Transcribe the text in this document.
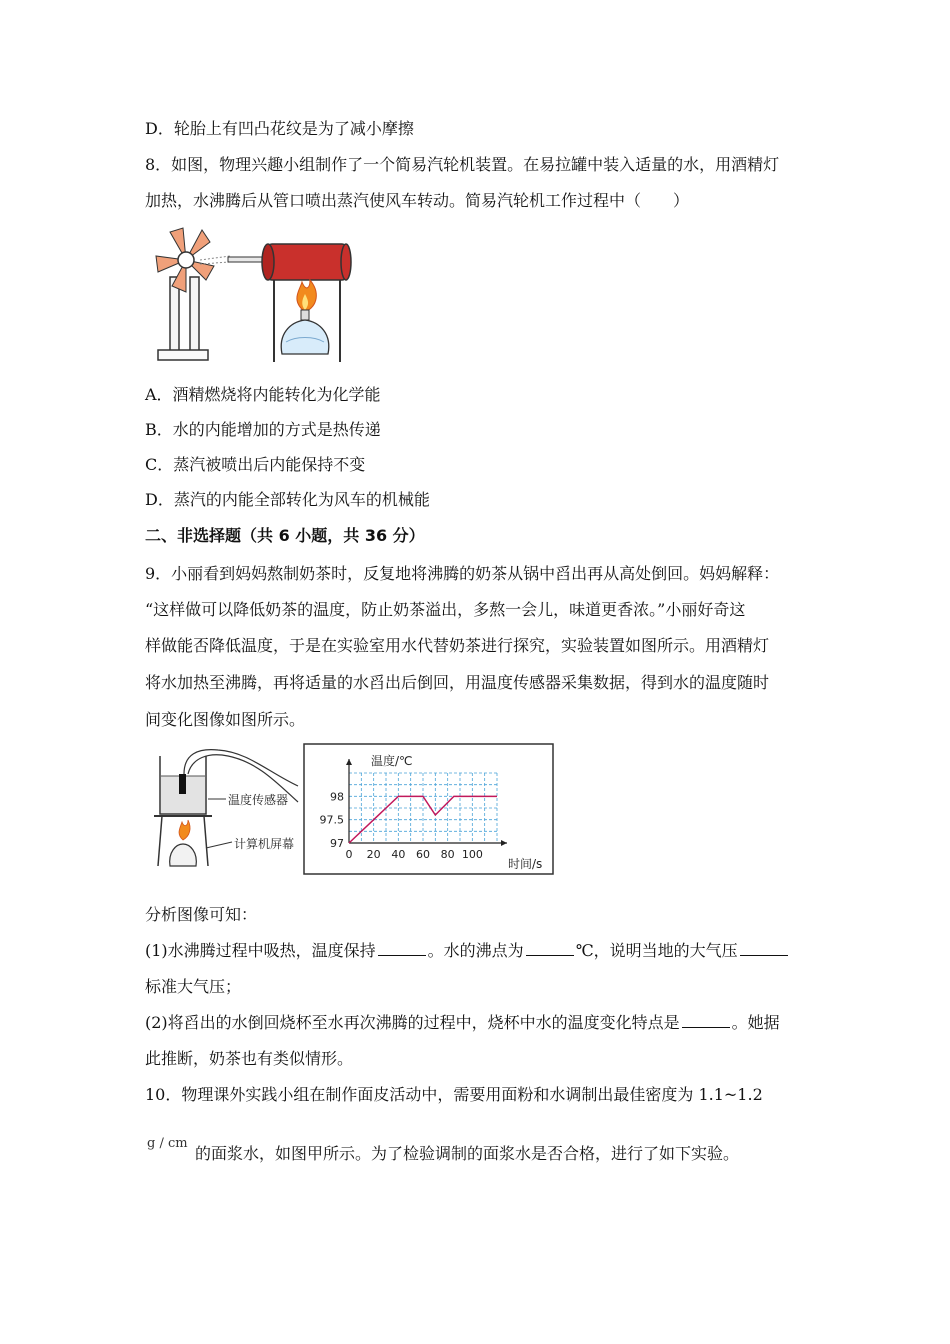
D．轮胎上有凹凸花纹是为了减小摩擦
8．如图，物理兴趣小组制作了一个简易汽轮机装置。在易拉罐中装入适量的水，用酒精灯
加热，水沸腾后从管口喷出蒸汽使风车转动。简易汽轮机工作过程中（　　）
A．酒精燃烧将内能转化为化学能
B．水的内能增加的方式是热传递
C．蒸汽被喷出后内能保持不变
D．蒸汽的内能全部转化为风车的机械能
二、非选择题（共 6 小题，共 36 分）
9．小丽看到妈妈熬制奶茶时，反复地将沸腾的奶茶从锅中舀出再从高处倒回。妈妈解释：
“这样做可以降低奶茶的温度，防止奶茶溢出，多熬一会儿，味道更香浓。”小丽好奇这
样做能否降低温度，于是在实验室用水代替奶茶进行探究，实验装置如图所示。用酒精灯
将水加热至沸腾，再将适量的水舀出后倒回，用温度传感器采集数据，得到水的温度随时
间变化图像如图所示。
温度传感器
计算机屏幕
0 20 40 60 80 100
97
97.5
98
温度/℃
时间/s
分析图像可知：
(1)水沸腾过程中吸热，温度保持	。水的沸点为	℃，说明当地的大气压
标准大气压；
(2)将舀出的水倒回烧杯至水再次沸腾的过程中，烧杯中水的温度变化特点是	。她据
此推断，奶茶也有类似情形。
10．物理课外实践小组在制作面皮活动中，需要用面粉和水调制出最佳密度为 1.1~1.2
g / cm
的面浆水，如图甲所示。为了检验调制的面浆水是否合格，进行了如下实验。
